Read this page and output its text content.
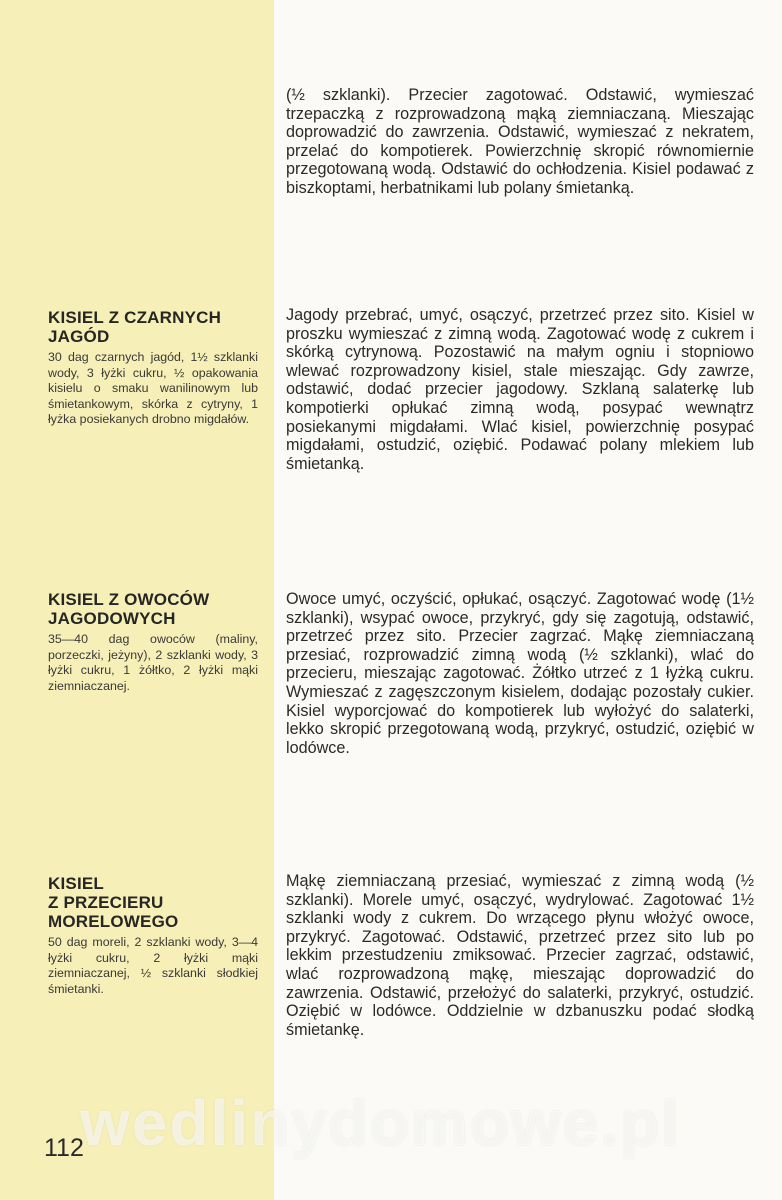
(½ szklanki). Przecier zagotować. Odstawić, wymieszać trzepaczką z rozprowadzoną mąką ziemniaczaną. Mieszając doprowadzić do zawrzenia. Odstawić, wymieszać z nekratem, przelać do kompotierek. Powierzchnię skropić równomiernie przegotowaną wodą. Odstawić do ochłodzenia. Kisiel podawać z biszkoptami, herbatnikami lub polany śmietanką.

KISIEL Z CZARNYCH
JAGÓD

30 dag czarnych jagód, 1½ szklanki wody, 3 łyżki cukru, ½ opakowania kisielu o smaku wanilinowym lub śmietankowym, skórka z cytryny, 1 łyżka posiekanych drobno migdałów.

Jagody przebrać, umyć, osączyć, przetrzeć przez sito. Kisiel w proszku wymieszać z zimną wodą. Zagotować wodę z cukrem i skórką cytrynową. Pozostawić na małym ogniu i stopniowo wlewać rozprowadzony kisiel, stale mieszając. Gdy zawrze, odstawić, dodać przecier jagodowy. Szklaną salaterkę lub kompotierki opłukać zimną wodą, posypać wewnątrz posiekanymi migdałami. Wlać kisiel, powierzchnię posypać migdałami, ostudzić, oziębić. Podawać polany mlekiem lub śmietanką.

KISIEL Z OWOCÓW
JAGODOWYCH

35—40 dag owoców (maliny, porzeczki, jeżyny), 2 szklanki wody, 3 łyżki cukru, 1 żółtko, 2 łyżki mąki ziemniaczanej.

Owoce umyć, oczyścić, opłukać, osączyć. Zagotować wodę (1½ szklanki), wsypać owoce, przykryć, gdy się zagotują, odstawić, przetrzeć przez sito. Przecier zagrzać. Mąkę ziemniaczaną przesiać, rozprowadzić zimną wodą (½ szklanki), wlać do przecieru, mieszając zagotować. Żółtko utrzeć z 1 łyżką cukru. Wymieszać z zagęszczonym kisielem, dodając pozostały cukier. Kisiel wyporcjować do kompotierek lub wyłożyć do salaterki, lekko skropić przegotowaną wodą, przykryć, ostudzić, oziębić w lodówce.

KISIEL
Z PRZECIERU
MORELOWEGO

50 dag moreli, 2 szklanki wody, 3—4 łyżki cukru, 2 łyżki mąki ziemniaczanej, ½ szklanki słodkiej śmietanki.

Mąkę ziemniaczaną przesiać, wymieszać z zimną wodą (½ szklanki). Morele umyć, osączyć, wydrylować. Zagotować 1½ szklanki wody z cukrem. Do wrzącego płynu włożyć owoce, przykryć. Zagotować. Odstawić, przetrzeć przez sito lub po lekkim przestudzeniu zmiksować. Przecier zagrzać, odstawić, wlać rozprowadzoną mąkę, mieszając doprowadzić do zawrzenia. Odstawić, przełożyć do salaterki, przykryć, ostudzić. Oziębić w lodówce. Oddzielnie w dzbanuszku podać słodką śmietankę.

wedlinydomowe.pl
112
